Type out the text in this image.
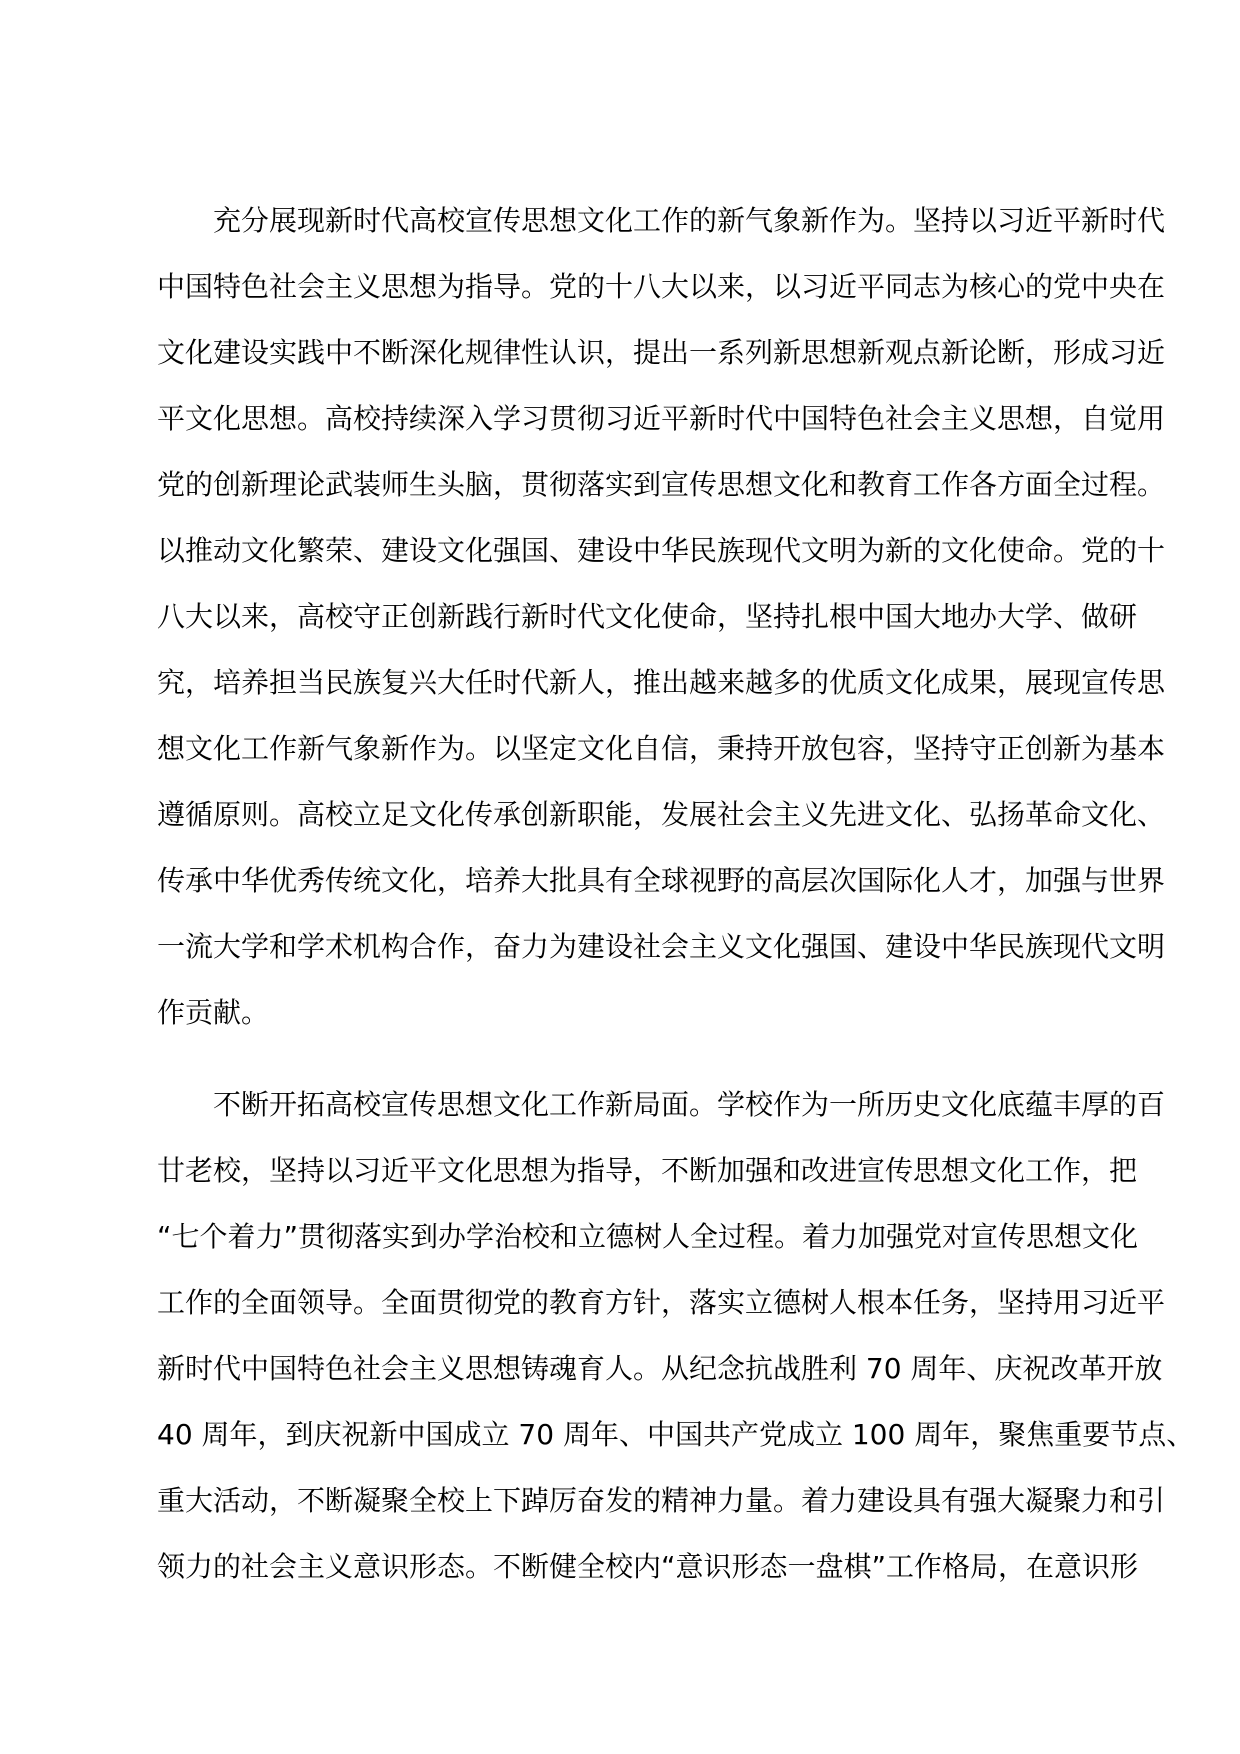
　　充分展现新时代高校宣传思想文化工作的新气象新作为。坚持以习近平新时代
中国特色社会主义思想为指导。党的十八大以来，以习近平同志为核心的党中央在
文化建设实践中不断深化规律性认识，提出一系列新思想新观点新论断，形成习近
平文化思想。高校持续深入学习贯彻习近平新时代中国特色社会主义思想，自觉用
党的创新理论武装师生头脑，贯彻落实到宣传思想文化和教育工作各方面全过程。
以推动文化繁荣、建设文化强国、建设中华民族现代文明为新的文化使命。党的十
八大以来，高校守正创新践行新时代文化使命，坚持扎根中国大地办大学、做研
究，培养担当民族复兴大任时代新人，推出越来越多的优质文化成果，展现宣传思
想文化工作新气象新作为。以坚定文化自信，秉持开放包容，坚持守正创新为基本
遵循原则。高校立足文化传承创新职能，发展社会主义先进文化、弘扬革命文化、
传承中华优秀传统文化，培养大批具有全球视野的高层次国际化人才，加强与世界
一流大学和学术机构合作，奋力为建设社会主义文化强国、建设中华民族现代文明
作贡献。
　　不断开拓高校宣传思想文化工作新局面。学校作为一所历史文化底蕴丰厚的百
廿老校，坚持以习近平文化思想为指导，不断加强和改进宣传思想文化工作，把
“七个着力”贯彻落实到办学治校和立德树人全过程。着力加强党对宣传思想文化
工作的全面领导。全面贯彻党的教育方针，落实立德树人根本任务，坚持用习近平
新时代中国特色社会主义思想铸魂育人。从纪念抗战胜利 70 周年、庆祝改革开放
40 周年，到庆祝新中国成立 70 周年、中国共产党成立 100 周年，聚焦重要节点、
重大活动，不断凝聚全校上下踔厉奋发的精神力量。着力建设具有强大凝聚力和引
领力的社会主义意识形态。不断健全校内“意识形态一盘棋”工作格局，在意识形
